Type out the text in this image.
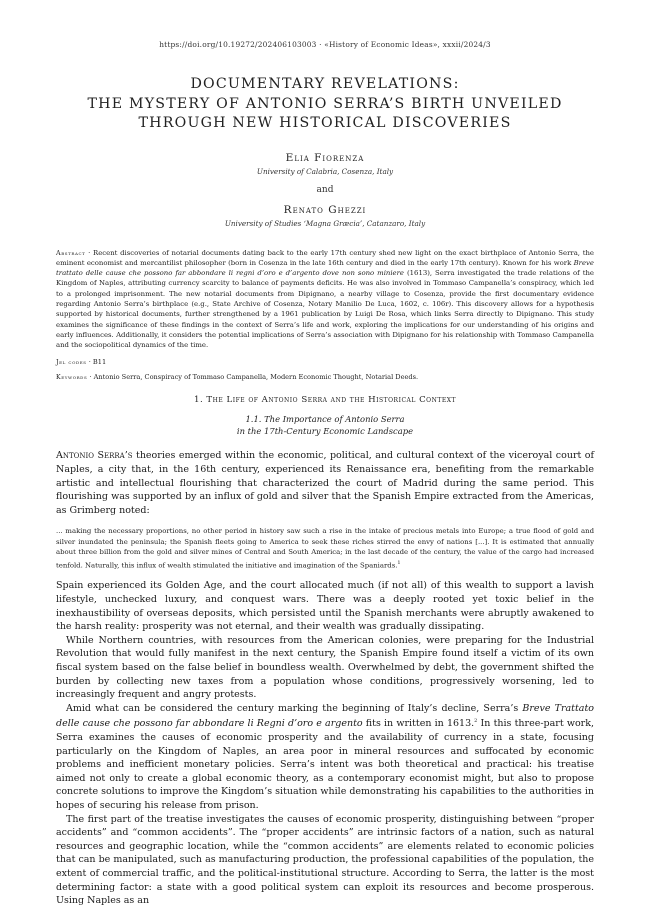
https://doi.org/10.19272/202406103003 · «History of Economic Ideas», xxxii/2024/3
DOCUMENTARY REVELATIONS:
THE MYSTERY OF ANTONIO SERRA’S BIRTH UNVEILED
THROUGH NEW HISTORICAL DISCOVERIES
Elia Fiorenza
University of Calabria, Cosenza, Italy
and
Renato Ghezzi
University of Studies ‘Magna Græcia’, Catanzaro, Italy
Abstract · Recent discoveries of notarial documents dating back to the early 17th century shed new light on the exact birthplace of Antonio Serra, the eminent economist and mercantilist philosopher (born in Cosenza in the late 16th century and died in the early 17th century). Known for his work Breve trattato delle cause che possono far abbondare li regni d’oro e d’argento dove non sono miniere (1613), Serra investigated the trade relations of the Kingdom of Naples, attributing currency scarcity to balance of payments deficits. He was also involved in Tommaso Campanella’s conspiracy, which led to a prolonged imprisonment. The new notarial documents from Dipignano, a nearby village to Cosenza, provide the first documentary evidence regarding Antonio Serra’s birthplace (e.g., State Archive of Cosenza, Notary Manilio De Luca, 1602, c. 106r). This discovery allows for a hypothesis supported by historical documents, further strengthened by a 1961 publication by Luigi De Rosa, which links Serra directly to Dipignano. This study examines the significance of these findings in the context of Serra’s life and work, exploring the implications for our understanding of his origins and early influences. Additionally, it considers the potential implications of Serra’s association with Dipignano for his relationship with Tommaso Campanella and the sociopolitical dynamics of the time.
Jel codes · B11
Keywords · Antonio Serra, Conspiracy of Tommaso Campanella, Modern Economic Thought, Notarial Deeds.
1. The Life of Antonio Serra and the Historical Context
1.1. The Importance of Antonio Serra
in the 17th-Century Economic Landscape

Antonio Serra’s theories emerged within the economic, political, and cultural context of the viceroyal court of Naples, a city that, in the 16th century, experienced its Renaissance era, benefiting from the remarkable artistic and intellectual flourishing that characterized the court of Madrid during the same period. This flourishing was supported by an influx of gold and silver that the Spanish Empire extracted from the Americas, as Grimberg noted:

... making the necessary proportions, no other period in history saw such a rise in the intake of precious metals into Europe; a true flood of gold and silver inundated the peninsula; the Spanish fleets going to America to seek these riches stirred the envy of nations [...]. It is estimated that annually about three billion from the gold and silver mines of Central and South America; in the last decade of the century, the value of the cargo had increased tenfold. Naturally, this influx of wealth stimulated the initiative and imagination of the Spaniards.$^1$

Spain experienced its Golden Age, and the court allocated much (if not all) of this wealth to support a lavish lifestyle, unchecked luxury, and conquest wars. There was a deeply rooted yet toxic belief in the inexhaustibility of overseas deposits, which persisted until the Spanish merchants were abruptly awakened to the harsh reality: prosperity was not eternal, and their wealth was gradually dissipating.

While Northern countries, with resources from the American colonies, were preparing for the Industrial Revolution that would fully manifest in the next century, the Spanish Empire found itself a victim of its own fiscal system based on the false belief in boundless wealth. Overwhelmed by debt, the government shifted the burden by collecting new taxes from a population whose conditions, progressively worsening, led to increasingly frequent and angry protests.

Amid what can be considered the century marking the beginning of Italy’s decline, Serra’s Breve Trattato delle cause che possono far abbondare li Regni d’oro e argento fits in written in 1613.$^2$ In this three-part work, Serra examines the causes of economic prosperity and the availability of currency in a state, focusing particularly on the Kingdom of Naples, an area poor in mineral resources and suffocated by economic problems and inefficient monetary policies. Serra’s intent was both theoretical and practical: his treatise aimed not only to create a global economic theory, as a contemporary economist might, but also to propose concrete solutions to improve the Kingdom’s situation while demonstrating his capabilities to the authorities in hopes of securing his release from prison.

The first part of the treatise investigates the causes of economic prosperity, distinguishing between “proper accidents” and “common accidents”. The “proper accidents” are intrinsic factors of a nation, such as natural resources and geographic location, while the “common accidents” are elements related to economic policies that can be manipulated, such as manufacturing production, the professional capabilities of the population, the extent of commercial traffic, and the political-institutional structure. According to Serra, the latter is the most determining factor: a state with a good political system can exploit its resources and become prosperous. Using Naples as an
